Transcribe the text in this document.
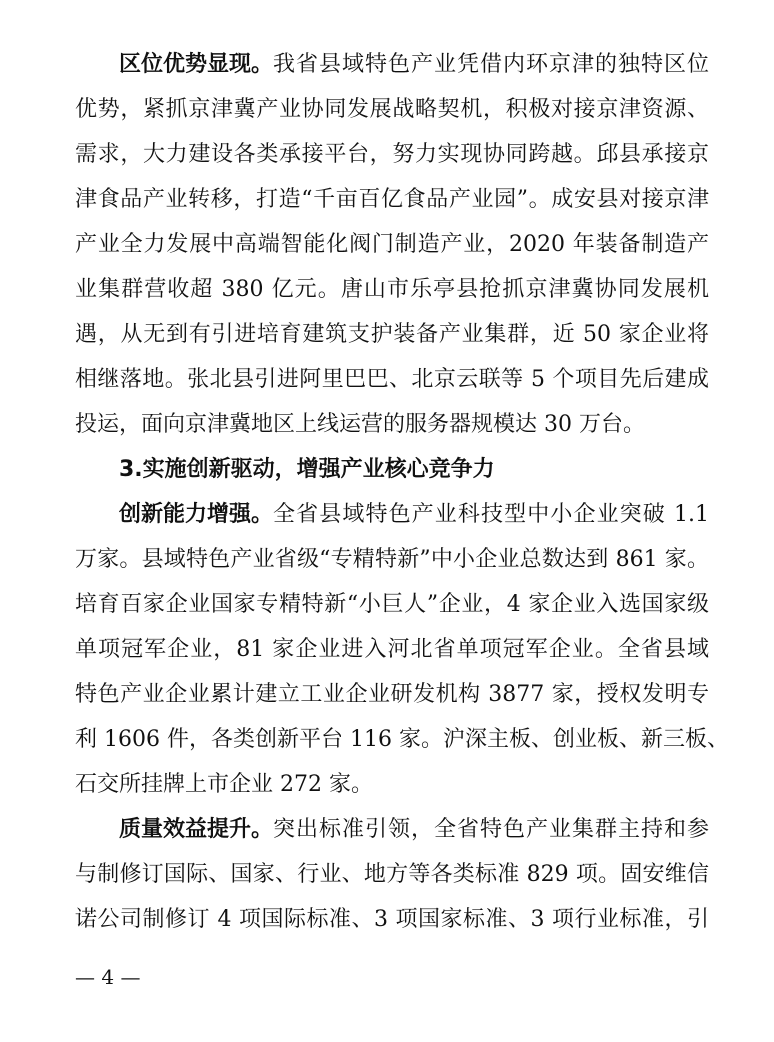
区位优势显现。 我省县域特色产业凭借内环京津的独特区位
优势，紧抓京津冀产业协同发展战略契机，积极对接京津资源、
需求，大力建设各类承接平台，努力实现协同跨越。邱县承接京
津食品产业转移，打造“千亩百亿食品产业园”。成安县对接京津
产业全力发展中高端智能化阀门制造产业，2020 年装备制造产
业集群营收超 380 亿元。唐山市乐亭县抢抓京津冀协同发展机
遇，从无到有引进培育建筑支护装备产业集群，近 50 家企业将
相继落地。张北县引进阿里巴巴、北京云联等 5 个项目先后建成
投运，面向京津冀地区上线运营的服务器规模达 30 万台。
3.实施创新驱动，增强产业核心竞争力
创新能力增强。 全省县域特色产业科技型中小企业突破 1.1
万家。县域特色产业省级“专精特新”中小企业总数达到 861 家。
培育百家企业国家专精特新“小巨人”企业，4 家企业入选国家级
单项冠军企业，81 家企业进入河北省单项冠军企业。全省县域
特色产业企业累计建立工业企业研发机构 3877 家，授权发明专
利 1606 件，各类创新平台 116 家。沪深主板、创业板、新三板、
石交所挂牌上市企业 272 家。
质量效益提升。 突出标准引领，全省特色产业集群主持和参
与制修订国际、国家、行业、地方等各类标准 829 项。固安维信
诺公司制修订 4 项国际标准、3 项国家标准、3 项行业标准，引
— 4 —
